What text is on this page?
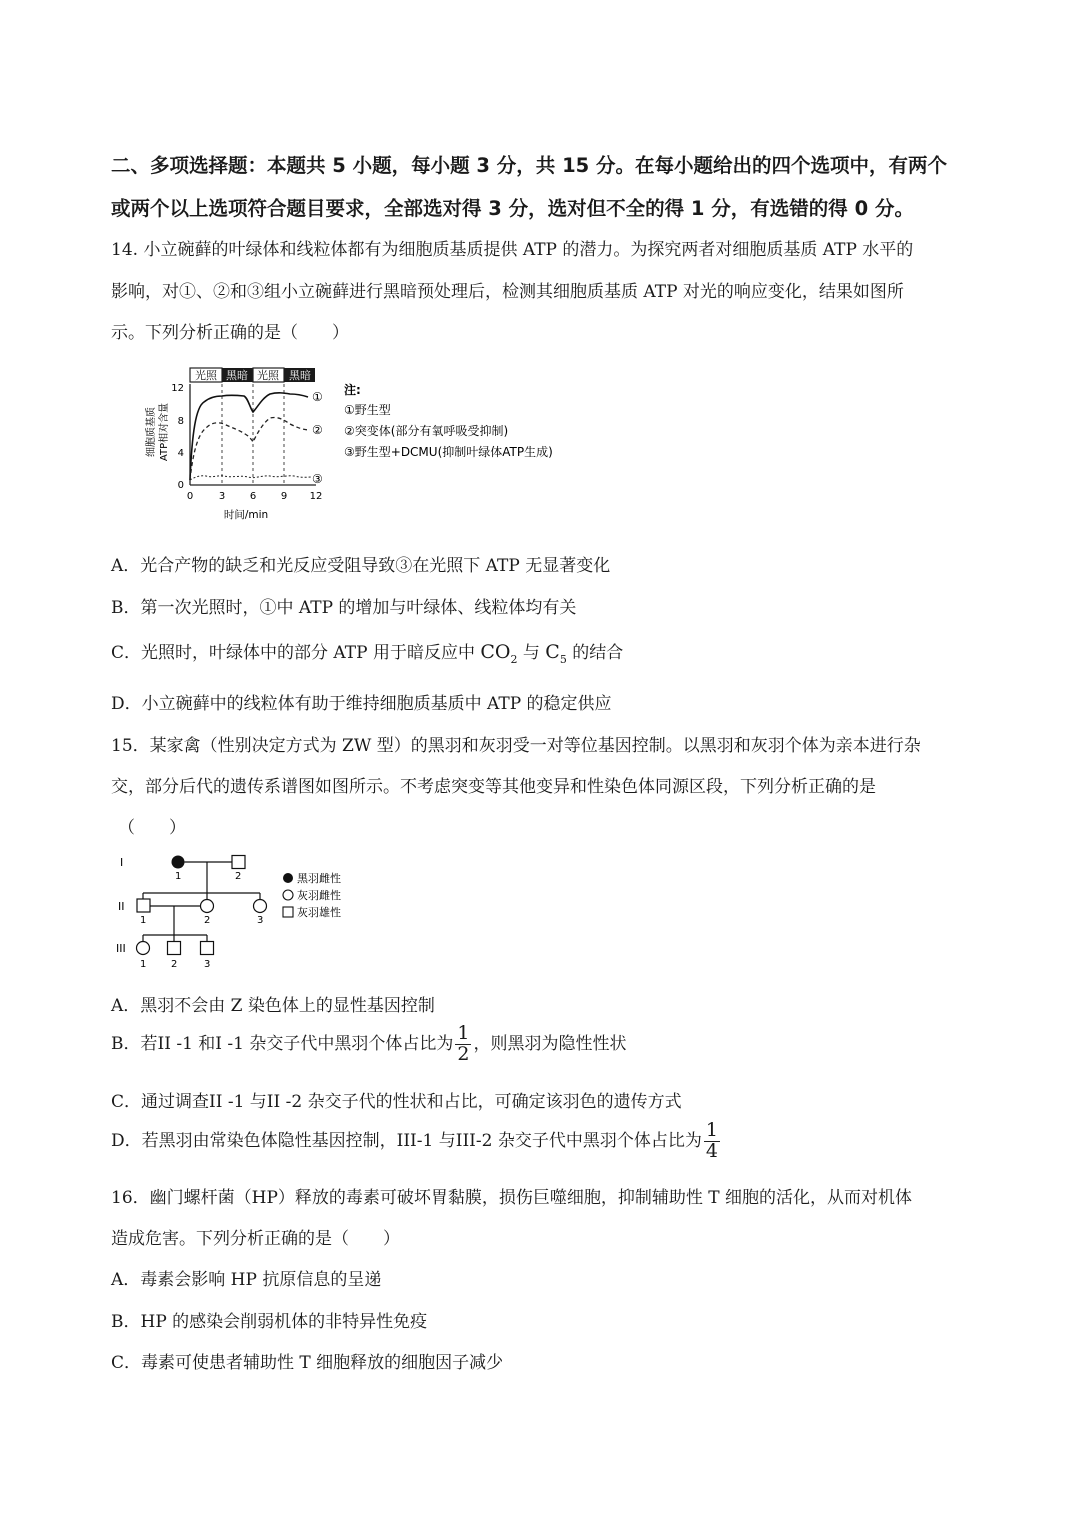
二、多项选择题：本题共 5 小题，每小题 3 分，共 15 分。在每小题给出的四个选项中，有两个
或两个以上选项符合题目要求，全部选对得 3 分，选对但不全的得 1 分，有选错的得 0 分。
14. 小立碗藓的叶绿体和线粒体都有为细胞质基质提供 ATP 的潜力。为探究两者对细胞质基质 ATP 水平的
影响，对①、②和③组小立碗藓进行黑暗预处理后，检测其细胞质基质 ATP 对光的响应变化，结果如图所
示。下列分析正确的是（　　）
光照 黑暗 光照 黑暗
12
8
4
0
0	3 6 9 12
时间/min
细胞质基质 ATP相对含量
①
②
③
注:
①野生型
②突变体(部分有氧呼吸受抑制)
③野生型+DCMU(抑制叶绿体ATP生成)
A．光合产物的缺乏和光反应受阻导致③在光照下 ATP 无显著变化
B．第一次光照时，①中 ATP 的增加与叶绿体、线粒体均有关
C．光照时，叶绿体中的部分 ATP 用于暗反应中 $CO_2$ 与 $C_5$ 的结合
D．小立碗藓中的线粒体有助于维持细胞质基质中 ATP 的稳定供应
15．某家禽（性别决定方式为 ZW 型）的黑羽和灰羽受一对等位基因控制。以黑羽和灰羽个体为亲本进行杂
交，部分后代的遗传系谱图如图所示。不考虑突变等其他变异和性染色体同源区段，下列分析正确的是
（　　）
I
II
III
1	2
1	2	3
1 2	3
黑羽雌性
灰羽雌性
灰羽雄性
A．黑羽不会由 Z 染色体上的显性基因控制
B．若II -1 和I -1 杂交子代中黑羽个体占比为 $\frac{1}{2}$ ，则黑羽为隐性性状
C．通过调查II -1 与II -2 杂交子代的性状和占比，可确定该羽色的遗传方式
D．若黑羽由常染色体隐性基因控制，III-1 与III-2 杂交子代中黑羽个体占比为 $\frac{1}{4}$
16．幽门螺杆菌（HP）释放的毒素可破坏胃黏膜，损伤巨噬细胞，抑制辅助性 T 细胞的活化，从而对机体
造成危害。下列分析正确的是（　　）
A．毒素会影响 HP 抗原信息的呈递
B．HP 的感染会削弱机体的非特异性免疫
C．毒素可使患者辅助性 T 细胞释放的细胞因子减少
